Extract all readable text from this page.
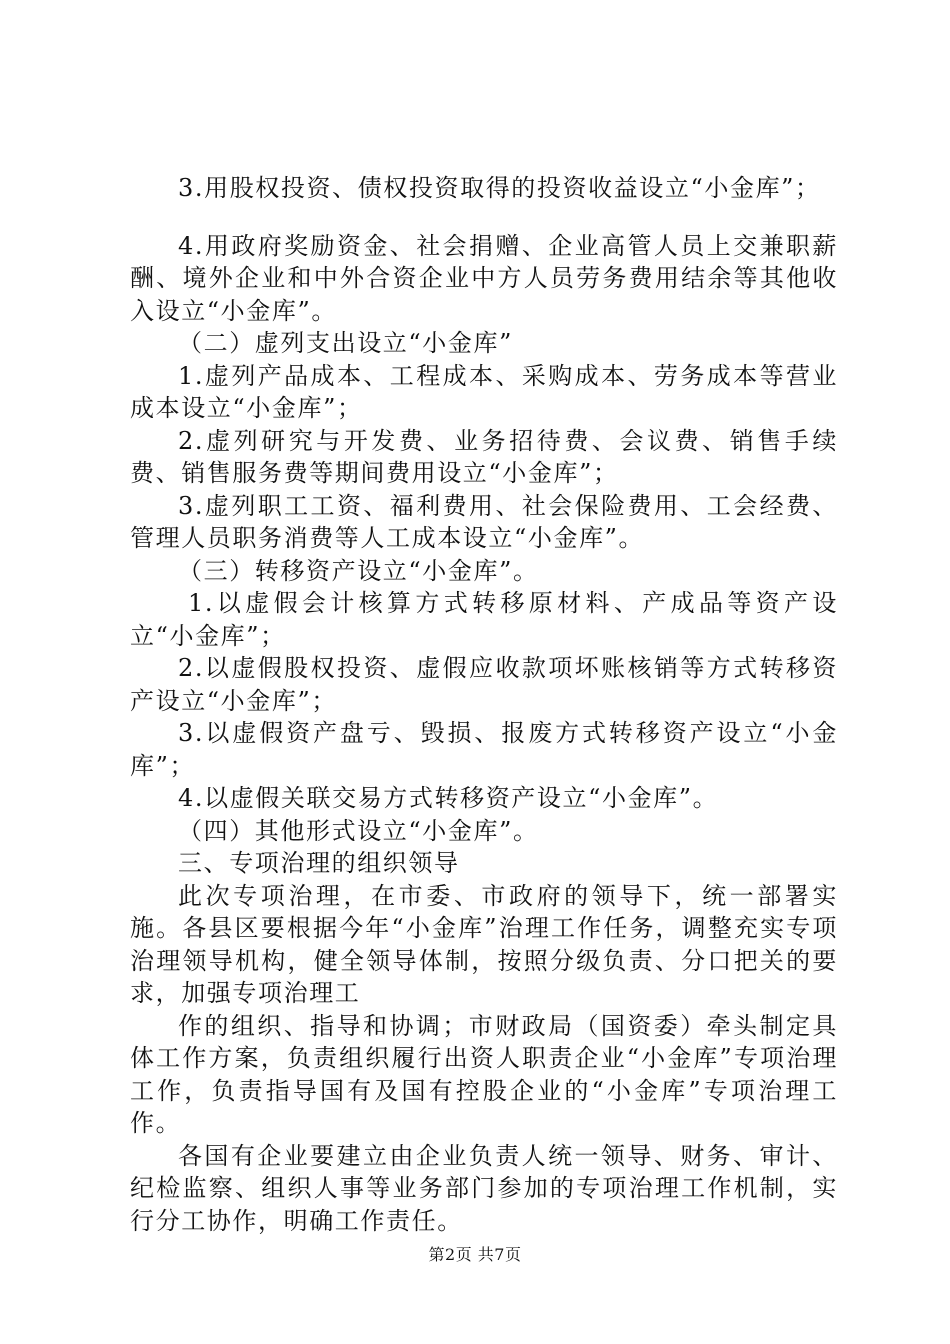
3.用股权投资、债权投资取得的投资收益设立“小金库”；

4.用政府奖励资金、社会捐赠、企业高管人员上交兼职薪酬、境外企业和中外合资企业中方人员劳务费用结余等其他收入设立“小金库”。

（二）虚列支出设立“小金库”

1.虚列产品成本、工程成本、采购成本、劳务成本等营业成本设立“小金库”；

2.虚列研究与开发费、业务招待费、会议费、销售手续费、销售服务费等期间费用设立“小金库”；

3.虚列职工工资、福利费用、社会保险费用、工会经费、管理人员职务消费等人工成本设立“小金库”。

（三）转移资产设立“小金库”。

1.以虚假会计核算方式转移原材料、产成品等资产设立“小金库”；

2.以虚假股权投资、虚假应收款项坏账核销等方式转移资产设立“小金库”；

3.以虚假资产盘亏、毁损、报废方式转移资产设立“小金库”；

4.以虚假关联交易方式转移资产设立“小金库”。

（四）其他形式设立“小金库”。

三、专项治理的组织领导

此次专项治理，在市委、市政府的领导下，统一部署实施。各县区要根据今年“小金库”治理工作任务，调整充实专项治理领导机构，健全领导体制，按照分级负责、分口把关的要求，加强专项治理工

作的组织、指导和协调；市财政局（国资委）牵头制定具体工作方案，负责组织履行出资人职责企业“小金库”专项治理工作，负责指导国有及国有控股企业的“小金库”专项治理工作。

各国有企业要建立由企业负责人统一领导、财务、审计、纪检监察、组织人事等业务部门参加的专项治理工作机制，实行分工协作，明确工作责任。

第2页 共7页
